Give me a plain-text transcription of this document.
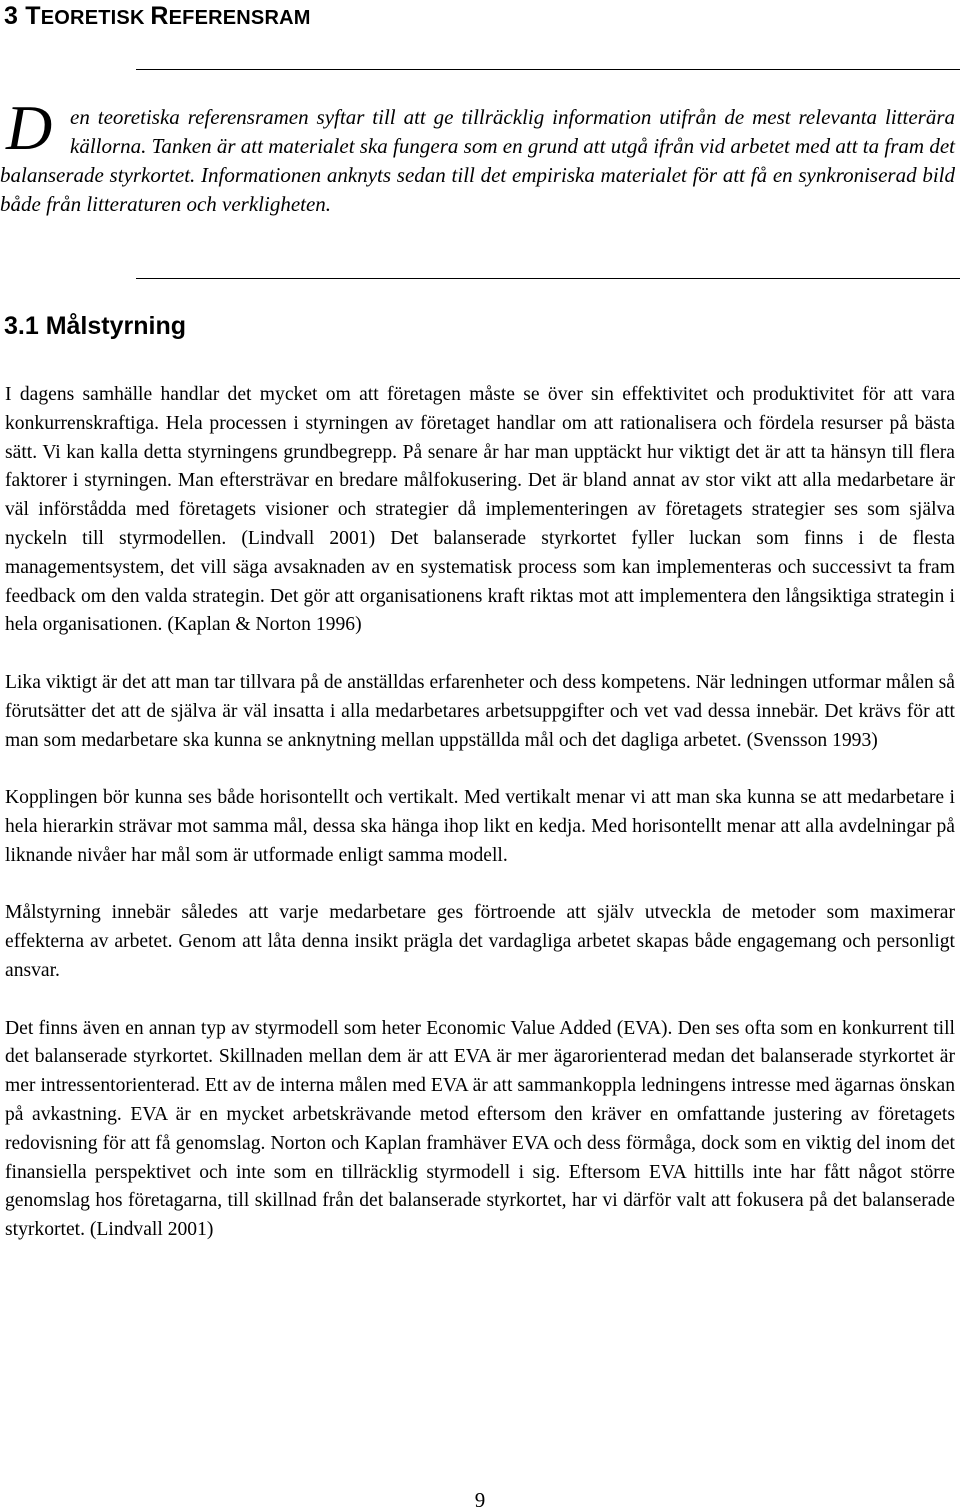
3 TEORETISK REFERENSRAM
D en teoretiska referensramen syftar till att ge tillräcklig information utifrån de mest relevanta litterära källorna. Tanken är att materialet ska fungera som en grund att utgå ifrån vid arbetet med att ta fram det balanserade styrkortet. Informationen anknyts sedan till det empiriska materialet för att få en synkroniserad bild både från litteraturen och verkligheten.

3.1 Målstyrning

I dagens samhälle handlar det mycket om att företagen måste se över sin effektivitet och produktivitet för att vara konkurrenskraftiga. Hela processen i styrningen av företaget handlar om att rationalisera och fördela resurser på bästa sätt. Vi kan kalla detta styrningens grundbegrepp. På senare år har man upptäckt hur viktigt det är att ta hänsyn till flera faktorer i styrningen. Man eftersträvar en bredare målfokusering. Det är bland annat av stor vikt att alla medarbetare är väl införstådda med företagets visioner och strategier då implementeringen av företagets strategier ses som själva nyckeln till styrmodellen. (Lindvall 2001) Det balanserade styrkortet fyller luckan som finns i de flesta managementsystem, det vill säga avsaknaden av en systematisk process som kan implementeras och successivt ta fram feedback om den valda strategin. Det gör att organisationens kraft riktas mot att implementera den långsiktiga strategin i hela organisationen. (Kaplan & Norton 1996)

Lika viktigt är det att man tar tillvara på de anställdas erfarenheter och dess kompetens. När ledningen utformar målen så förutsätter det att de själva är väl insatta i alla medarbetares arbetsuppgifter och vet vad dessa innebär. Det krävs för att man som medarbetare ska kunna se anknytning mellan uppställda mål och det dagliga arbetet. (Svensson 1993)

Kopplingen bör kunna ses både horisontellt och vertikalt. Med vertikalt menar vi att man ska kunna se att medarbetare i hela hierarkin strävar mot samma mål, dessa ska hänga ihop likt en kedja. Med horisontellt menar att alla avdelningar på liknande nivåer har mål som är utformade enligt samma modell.

Målstyrning innebär således att varje medarbetare ges förtroende att själv utveckla de metoder som maximerar effekterna av arbetet. Genom att låta denna insikt prägla det vardagliga arbetet skapas både engagemang och personligt ansvar.

Det finns även en annan typ av styrmodell som heter Economic Value Added (EVA). Den ses ofta som en konkurrent till det balanserade styrkortet. Skillnaden mellan dem är att EVA är mer ägarorienterad medan det balanserade styrkortet är mer intressentorienterad. Ett av de interna målen med EVA är att sammankoppla ledningens intresse med ägarnas önskan på avkastning. EVA är en mycket arbetskrävande metod eftersom den kräver en omfattande justering av företagets redovisning för att få genomslag. Norton och Kaplan framhäver EVA och dess förmåga, dock som en viktig del inom det finansiella perspektivet och inte som en tillräcklig styrmodell i sig. Eftersom EVA hittills inte har fått något större genomslag hos företagarna, till skillnad från det balanserade styrkortet, har vi därför valt att fokusera på det balanserade styrkortet. (Lindvall 2001)

9
